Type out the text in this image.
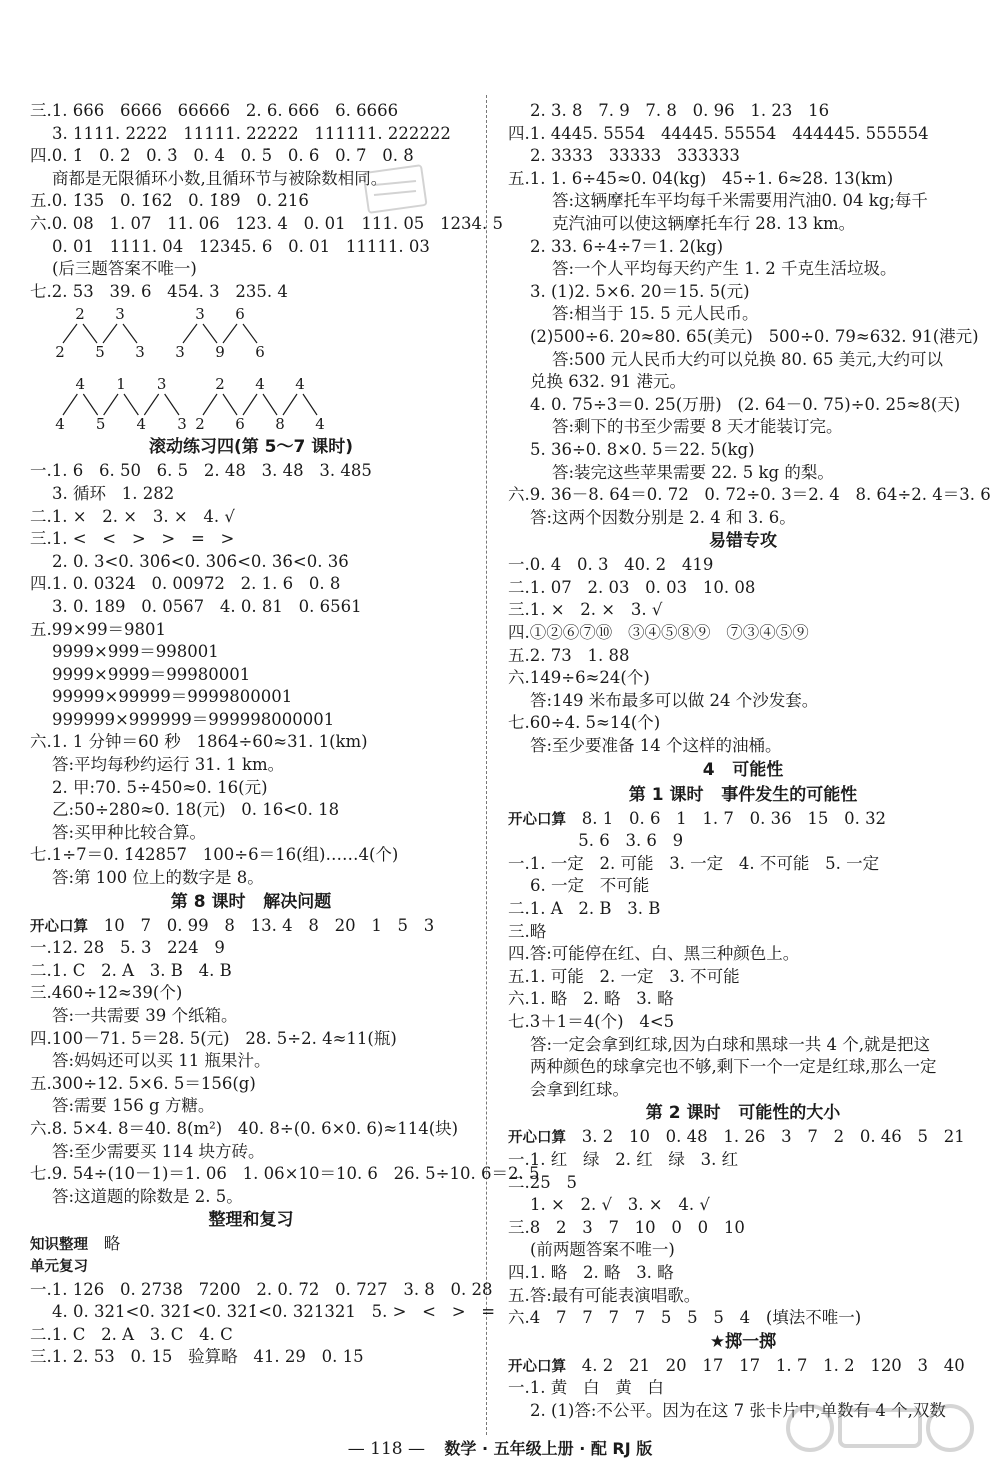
三.1. 666   6666   66666   2. 6. 666   6. 6666
3. 1111. 2222   11111. 22222   111111. 222222
四.0. 1̇   0. 2̇   0. 3̇   0. 4̇   0. 5̇   0. 6̇   0. 7̇   0. 8̇
商都是无限循环小数,且循环节与被除数相同。
五.0. 1̇35̇   0. 1̇62̇   0. 1̇89̇   0. 2̇16̇
六.0. 08   1. 07   11. 06   123. 4   0. 01   111. 05   1234. 5
0. 01   1111. 04   12345. 6   0. 01   11111. 03
(后三题答案不唯一)
七.2. 53   39. 6   454. 3   235. 4
2 3
2 5 3
3 6
3 9 6
4 1 3
4 5 4 3
2 4 4
2 6 8 4
滚动练习四(第 5～7 课时)
一.1. 6   6. 50   6. 5   2. 48   3. 4̇8̇   3. 485
3. 循环   1. 282
二.1. ×   2. ×   3. ×   4. √
三.1. <   <   >   >   =   >
2. 0. 3<0. 30̇6̇<0. 3̇0̇6̇<0. 3̇6̇<0. 36̇
四.1. 0. 0324   0. 00972   2. 1. 6   0. 8
3. 0. 189   0. 0567   4. 0. 81   0. 6561
五.99×99＝9801
9999×999＝998001
9999×9999＝99980001
99999×99999＝9999800001
999999×999999＝999998000001
六.1. 1 分钟＝60 秒   1864÷60≈31. 1(km)
答:平均每秒约运行 31. 1 km。
2. 甲:70. 5÷450≈0. 16(元)
乙:50÷280≈0. 18(元)   0. 16<0. 18
答:买甲种比较合算。
七.1÷7＝0. 1̇42857̇   100÷6＝16(组)……4(个)
答:第 100 位上的数字是 8。
第 8 课时   解决问题
开心口算   10   7   0. 99   8   13. 4   8   20   1   5   3
一.12. 28   5. 3   224   9
二.1. C   2. A   3. B   4. B
三.460÷12≈39(个)
答:一共需要 39 个纸箱。
四.100－71. 5＝28. 5(元)   28. 5÷2. 4≈11(瓶)
答:妈妈还可以买 11 瓶果汁。
五.300÷12. 5×6. 5＝156(g)
答:需要 156 g 方糖。
六.8. 5×4. 8＝40. 8(m²)   40. 8÷(0. 6×0. 6)≈114(块)
答:至少需要买 114 块方砖。
七.9. 54÷(10－1)＝1. 06   1. 06×10＝10. 6   26. 5÷10. 6＝2. 5
答:这道题的除数是 2. 5。
整理和复习
知识整理   略
单元复习
一.1. 126   0. 2738   7200   2. 0. 7̇2̇   0. 727   3. 8   0. 28
4. 0. 321<0. 32̇1̇<0. 3̇21̇<0. 321321   5. >   <   >   =
二.1. C   2. A   3. C   4. C
三.1. 2. 53   0. 15   验算略   41. 29   0. 15̇
2. 3. 8   7. 9   7. 8   0. 96   1. 23   16
四.1. 4445. 5554   44445. 55554   444445. 555554
2. 3333   33333   333333
五.1. 1. 6÷45≈0. 04(kg)   45÷1. 6≈28. 13(km)
答:这辆摩托车平均每千米需要用汽油0. 04 kg;每千
克汽油可以使这辆摩托车行 28. 13 km。
2. 33. 6÷4÷7＝1. 2(kg)
答:一个人平均每天约产生 1. 2 千克生活垃圾。
3. (1)2. 5×6. 20＝15. 5(元)
答:相当于 15. 5 元人民币。
(2)500÷6. 20≈80. 65(美元)   500÷0. 79≈632. 91(港元)
答:500 元人民币大约可以兑换 80. 65 美元,大约可以
兑换 632. 91 港元。
4. 0. 75÷3＝0. 25(万册)   (2. 64－0. 75)÷0. 25≈8(天)
答:剩下的书至少需要 8 天才能装订完。
5. 36÷0. 8×0. 5＝22. 5(kg)
答:装完这些苹果需要 22. 5 kg 的梨。
六.9. 36－8. 64＝0. 72   0. 72÷0. 3＝2. 4   8. 64÷2. 4＝3. 6
答:这两个因数分别是 2. 4 和 3. 6。
易错专攻
一.0. 4   0. 3   40. 2   419
二.1. 07   2. 03   0. 03   10. 08
三.1. ×   2. ×   3. √
四.①②⑥⑦⑩   ③④⑤⑧⑨   ⑦③④⑤⑨
五.2. 73   1. 88
六.149÷6≈24(个)
答:149 米布最多可以做 24 个沙发套。
七.60÷4. 5≈14(个)
答:至少要准备 14 个这样的油桶。
4   可能性
第 1 课时   事件发生的可能性
开心口算   8. 1   0. 6   1   1. 7   0. 36   15   0. 32
5. 6   3. 6   9
一.1. 一定   2. 可能   3. 一定   4. 不可能   5. 一定
6. 一定   不可能
二.1. A   2. B   3. B
三.略
四.答:可能停在红、白、黑三种颜色上。
五.1. 可能   2. 一定   3. 不可能
六.1. 略   2. 略   3. 略
七.3＋1＝4(个)   4<5
答:一定会拿到红球,因为白球和黑球一共 4 个,就是把这
两种颜色的球拿完也不够,剩下一个一定是红球,那么一定
会拿到红球。
第 2 课时   可能性的大小
开心口算   3. 2   10   0. 48   1. 26   3   7   2   0. 46   5   21
一.1. 红   绿   2. 红   绿   3. 红
二.25   5
1. ×   2. √   3. ×   4. √
三.8   2   3   7   10   0   0   10
(前两题答案不唯一)
四.1. 略   2. 略   3. 略
五.答:最有可能表演唱歌。
六.4   7   7   7   7   5   5   5   4   (填法不唯一)
★掷一掷
开心口算   4. 2   21   20   17   17   1. 7   1. 2   120   3   40
一.1. 黄   白   黄   白
2. (1)答:不公平。因为在这 7 张卡片中,单数有 4 个,双数
— 118 — 数学 · 五年级上册 · 配 RJ 版
